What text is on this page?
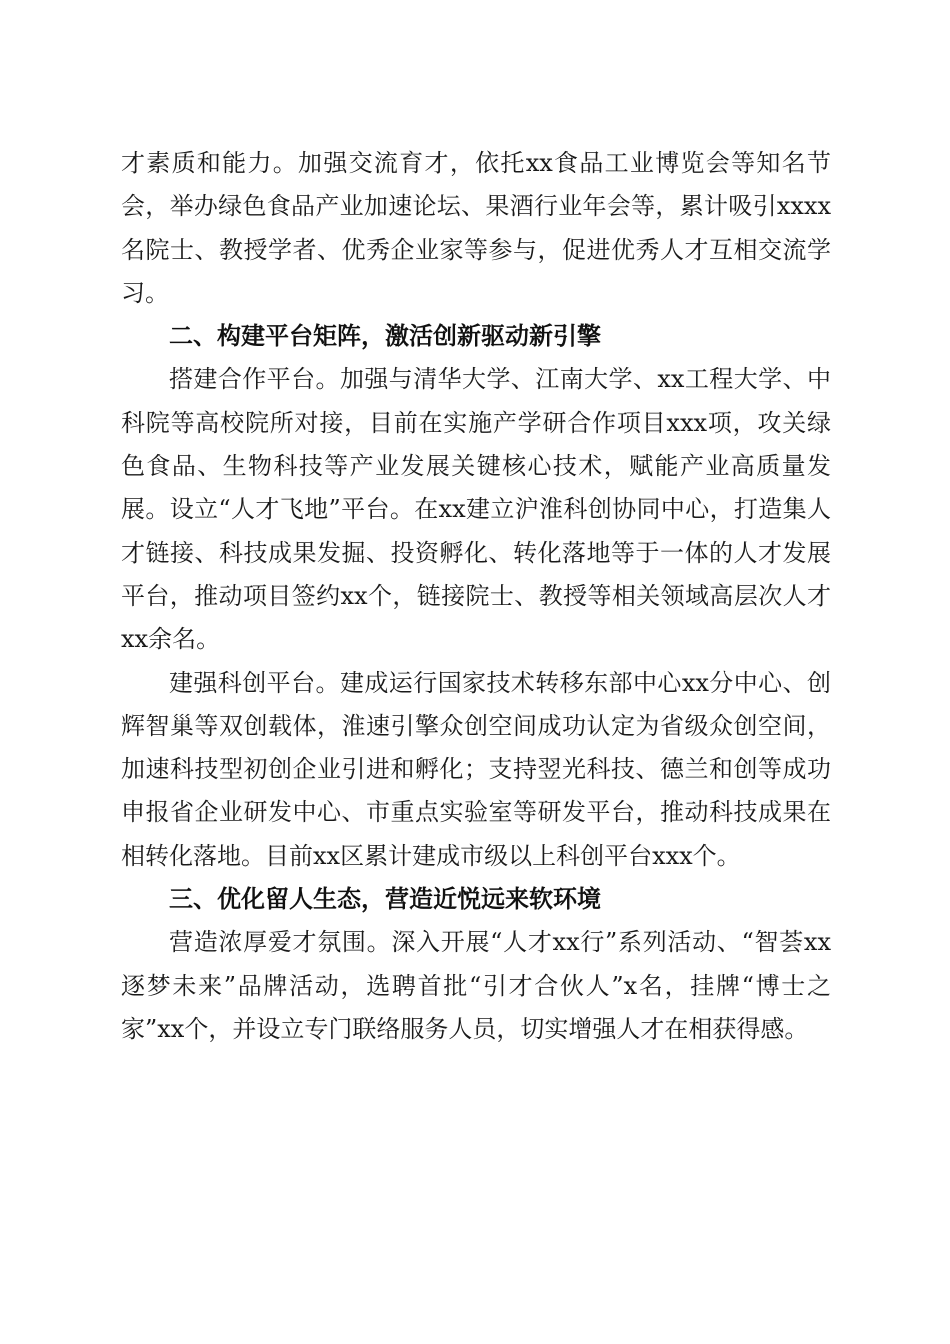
才素质和能力。加强交流育才，依托xx食品工业博览会等知名节会，举办绿色食品产业加速论坛、果酒行业年会等，累计吸引xxxx名院士、教授学者、优秀企业家等参与，促进优秀人才互相交流学习。

二、构建平台矩阵，激活创新驱动新引擎

搭建合作平台。加强与清华大学、江南大学、xx工程大学、中科院等高校院所对接，目前在实施产学研合作项目xxx项，攻关绿色食品、生物科技等产业发展关键核心技术，赋能产业高质量发展。设立“人才飞地”平台。在xx建立沪淮科创协同中心，打造集人才链接、科技成果发掘、投资孵化、转化落地等于一体的人才发展平台，推动项目签约xx个，链接院士、教授等相关领域高层次人才xx余名。

建强科创平台。建成运行国家技术转移东部中心xx分中心、创辉智巢等双创载体，淮速引擎众创空间成功认定为省级众创空间，加速科技型初创企业引进和孵化；支持翌光科技、德兰和创等成功申报省企业研发中心、市重点实验室等研发平台，推动科技成果在相转化落地。目前xx区累计建成市级以上科创平台xxx个。

三、优化留人生态，营造近悦远来软环境

营造浓厚爱才氛围。深入开展“人才xx行”系列活动、“智荟xx逐梦未来”品牌活动，选聘首批“引才合伙人”x名，挂牌“博士之家”xx个，并设立专门联络服务人员，切实增强人才在相获得感。
